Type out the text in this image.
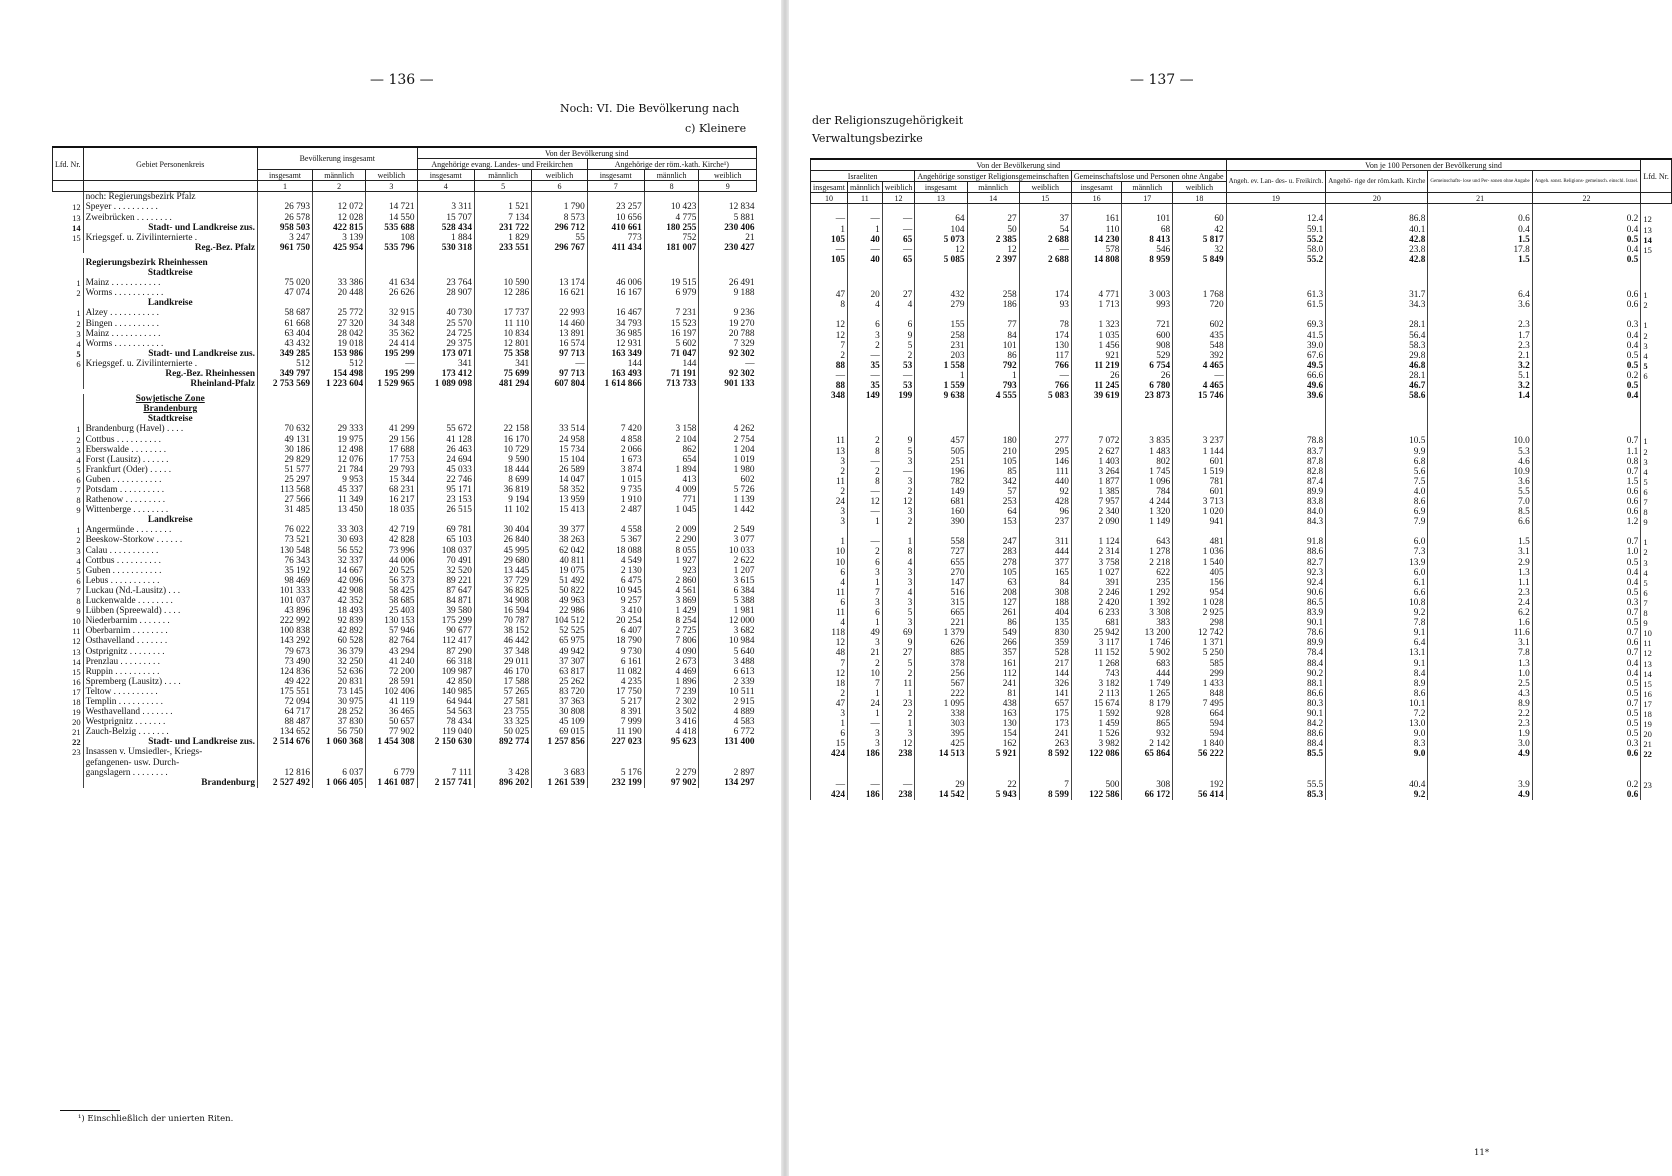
— 136 —
Noch: VI. Die Bevölkerung nach
c) Kleinere
Lfd. Nr.	Gebiet Personenkreis	Bevölkerung insgesamt			Von der Bevölkerung sind					
					Angehörige evang. Landes- und Freikirchen			Angehörige der röm.-kath. Kirche¹)		
		insgesamt	männlich	weiblich	insgesamt	männlich	weiblich	insgesamt	männlich	weiblich
		1	2	3	4	5	6	7	8	9
	noch: Regierungsbezirk Pfalz									
12	Speyer . . . . . . . . . .	26 793	12 072	14 721	3 311	1 521	1 790	23 257	10 423	12 834
13	Zweibrücken . . . . . . . .	26 578	12 028	14 550	15 707	7 134	8 573	10 656	4 775	5 881
14	Stadt- und Landkreise zus.	958 503	422 815	535 688	528 434	231 722	296 712	410 661	180 255	230 406
15	Kriegsgef. u. Zivilinternierte .	3 247	3 139	108	1 884	1 829	55	773	752	21
	Reg.-Bez. Pfalz	961 750	425 954	535 796	530 318	233 551	296 767	411 434	181 007	230 427

	Regierungsbezirk Rheinhessen									
	Stadtkreise									
1	Mainz . . . . . . . . . . .	75 020	33 386	41 634	23 764	10 590	13 174	46 006	19 515	26 491
2	Worms . . . . . . . . . . .	47 074	20 448	26 626	28 907	12 286	16 621	16 167	6 979	9 188
	Landkreise									
1	Alzey . . . . . . . . . . .	58 687	25 772	32 915	40 730	17 737	22 993	16 467	7 231	9 236
2	Bingen . . . . . . . . . .	61 668	27 320	34 348	25 570	11 110	14 460	34 793	15 523	19 270
3	Mainz . . . . . . . . . . .	63 404	28 042	35 362	24 725	10 834	13 891	36 985	16 197	20 788
4	Worms . . . . . . . . . . .	43 432	19 018	24 414	29 375	12 801	16 574	12 931	5 602	7 329
5	Stadt- und Landkreise zus.	349 285	153 986	195 299	173 071	75 358	97 713	163 349	71 047	92 302
6	Kriegsgef. u. Zivilinternierte .	512	512	—	341	341	—	144	144	—
	Reg.-Bez. Rheinhessen	349 797	154 498	195 299	173 412	75 699	97 713	163 493	71 191	92 302
	Rheinland-Pfalz	2 753 569	1 223 604	1 529 965	1 089 098	481 294	607 804	1 614 866	713 733	901 133

	Sowjetische Zone									
	Brandenburg									
	Stadtkreise									
1	Brandenburg (Havel) . . . .	70 632	29 333	41 299	55 672	22 158	33 514	7 420	3 158	4 262
2	Cottbus . . . . . . . . . .	49 131	19 975	29 156	41 128	16 170	24 958	4 858	2 104	2 754
3	Eberswalde . . . . . . . .	30 186	12 498	17 688	26 463	10 729	15 734	2 066	862	1 204
4	Forst (Lausitz) . . . . . .	29 829	12 076	17 753	24 694	9 590	15 104	1 673	654	1 019
5	Frankfurt (Oder) . . . . .	51 577	21 784	29 793	45 033	18 444	26 589	3 874	1 894	1 980
6	Guben . . . . . . . . . . .	25 297	9 953	15 344	22 746	8 699	14 047	1 015	413	602
7	Potsdam . . . . . . . . . .	113 568	45 337	68 231	95 171	36 819	58 352	9 735	4 009	5 726
8	Rathenow . . . . . . . . .	27 566	11 349	16 217	23 153	9 194	13 959	1 910	771	1 139
9	Wittenberge . . . . . . . .	31 485	13 450	18 035	26 515	11 102	15 413	2 487	1 045	1 442
	Landkreise									
1	Angermünde . . . . . . . .	76 022	33 303	42 719	69 781	30 404	39 377	4 558	2 009	2 549
2	Beeskow-Storkow . . . . . .	73 521	30 693	42 828	65 103	26 840	38 263	5 367	2 290	3 077
3	Calau . . . . . . . . . . .	130 548	56 552	73 996	108 037	45 995	62 042	18 088	8 055	10 033
4	Cottbus . . . . . . . . . .	76 343	32 337	44 006	70 491	29 680	40 811	4 549	1 927	2 622
5	Guben . . . . . . . . . . .	35 192	14 667	20 525	32 520	13 445	19 075	2 130	923	1 207
6	Lebus . . . . . . . . . . .	98 469	42 096	56 373	89 221	37 729	51 492	6 475	2 860	3 615
7	Luckau (Nd.-Lausitz) . . .	101 333	42 908	58 425	87 647	36 825	50 822	10 945	4 561	6 384
8	Luckenwalde . . . . . . . .	101 037	42 352	58 685	84 871	34 908	49 963	9 257	3 869	5 388
9	Lübben (Spreewald) . . . .	43 896	18 493	25 403	39 580	16 594	22 986	3 410	1 429	1 981
10	Niederbarnim . . . . . . .	222 992	92 839	130 153	175 299	70 787	104 512	20 254	8 254	12 000
11	Oberbarnim . . . . . . . .	100 838	42 892	57 946	90 677	38 152	52 525	6 407	2 725	3 682
12	Osthavelland . . . . . . .	143 292	60 528	82 764	112 417	46 442	65 975	18 790	7 806	10 984
13	Ostprignitz . . . . . . . .	79 673	36 379	43 294	87 290	37 348	49 942	9 730	4 090	5 640
14	Prenzlau . . . . . . . . .	73 490	32 250	41 240	66 318	29 011	37 307	6 161	2 673	3 488
15	Ruppin . . . . . . . . . .	124 836	52 636	72 200	109 987	46 170	63 817	11 082	4 469	6 613
16	Spremberg (Lausitz) . . . .	49 422	20 831	28 591	42 850	17 588	25 262	4 235	1 896	2 339
17	Teltow . . . . . . . . . .	175 551	73 145	102 406	140 985	57 265	83 720	17 750	7 239	10 511
18	Templin . . . . . . . . . .	72 094	30 975	41 119	64 944	27 581	37 363	5 217	2 302	2 915
19	Westhavelland . . . . . . .	64 717	28 252	36 465	54 563	23 755	30 808	8 391	3 502	4 889
20	Westprignitz . . . . . . .	88 487	37 830	50 657	78 434	33 325	45 109	7 999	3 416	4 583
21	Zauch-Belzig . . . . . . .	134 652	56 750	77 902	119 040	50 025	69 015	11 190	4 418	6 772
22	Stadt- und Landkreise zus.	2 514 676	1 060 368	1 454 308	2 150 630	892 774	1 257 856	227 023	95 623	131 400
23	Insassen v. Umsiedler-, Kriegs-									
	gefangenen- usw. Durch-									
	gangslagern . . . . . . . .	12 816	6 037	6 779	7 111	3 428	3 683	5 176	2 279	2 897
	Brandenburg	2 527 492	1 066 405	1 461 087	2 157 741	896 202	1 261 539	232 199	97 902	134 297
¹) Einschließlich der unierten Riten.
— 137 —
der Religionszugehörigkeit
Verwaltungsbezirke
Von der Bevölkerung sind									Von je 100 Personen der Bevölkerung sind				Lfd. Nr.
Israeliten			Angehörige sonstiger Religionsgemeinschaften			Gemeinschaftslose und Personen ohne Angabe			Angeh. ev. Lan- des- u. Freikirch.	Angehö- rige der röm.kath. Kirche	Gemeinschafts- lose und Per- sonen ohne Angabe	Angeh. sonst. Religions- gemeinsch. einschl. Israel.	
insgesamt	männlich	weiblich	insgesamt	männlich	weiblich	insgesamt	männlich	weiblich					
10	11	12	13	14	15	16	17	18	19	20	21	22	

—	—	—	64	27	37	161	101	60	12.4	86.8	0.6	0.2	12
1	1	—	104	50	54	110	68	42	59.1	40.1	0.4	0.4	13
105	40	65	5 073	2 385	2 688	14 230	8 413	5 817	55.2	42.8	1.5	0.5	14
—	—	—	12	12	—	578	546	32	58.0	23.8	17.8	0.4	15
105	40	65	5 085	2 397	2 688	14 808	8 959	5 849	55.2	42.8	1.5	0.5	

47	20	27	432	258	174	4 771	3 003	1 768	61.3	31.7	6.4	0.6	1
8	4	4	279	186	93	1 713	993	720	61.5	34.3	3.6	0.6	2

12	6	6	155	77	78	1 323	721	602	69.3	28.1	2.3	0.3	1
12	3	9	258	84	174	1 035	600	435	41.5	56.4	1.7	0.4	2
7	2	5	231	101	130	1 456	908	548	39.0	58.3	2.3	0.4	3
2	—	2	203	86	117	921	529	392	67.6	29.8	2.1	0.5	4
88	35	53	1 558	792	766	11 219	6 754	4 465	49.5	46.8	3.2	0.5	5
—	—	—	1	1	—	26	26	—	66.6	28.1	5.1	0.2	6
88	35	53	1 559	793	766	11 245	6 780	4 465	49.6	46.7	3.2	0.5	
348	149	199	9 638	4 555	5 083	39 619	23 873	15 746	39.6	58.6	1.4	0.4	

11	2	9	457	180	277	7 072	3 835	3 237	78.8	10.5	10.0	0.7	1
13	8	5	505	210	295	2 627	1 483	1 144	83.7	9.9	5.3	1.1	2
3	—	3	251	105	146	1 403	802	601	87.8	6.8	4.6	0.8	3
2	2	—	196	85	111	3 264	1 745	1 519	82.8	5.6	10.9	0.7	4
11	8	3	782	342	440	1 877	1 096	781	87.4	7.5	3.6	1.5	5
2	—	2	149	57	92	1 385	784	601	89.9	4.0	5.5	0.6	6
24	12	12	681	253	428	7 957	4 244	3 713	83.8	8.6	7.0	0.6	7
3	—	3	160	64	96	2 340	1 320	1 020	84.0	6.9	8.5	0.6	8
3	1	2	390	153	237	2 090	1 149	941	84.3	7.9	6.6	1.2	9

1	—	1	558	247	311	1 124	643	481	91.8	6.0	1.5	0.7	1
10	2	8	727	283	444	2 314	1 278	1 036	88.6	7.3	3.1	1.0	2
10	6	4	655	278	377	3 758	2 218	1 540	82.7	13.9	2.9	0.5	3
6	3	3	270	105	165	1 027	622	405	92.3	6.0	1.3	0.4	4
4	1	3	147	63	84	391	235	156	92.4	6.1	1.1	0.4	5
11	7	4	516	208	308	2 246	1 292	954	90.6	6.6	2.3	0.5	6
6	3	3	315	127	188	2 420	1 392	1 028	86.5	10.8	2.4	0.3	7
11	6	5	665	261	404	6 233	3 308	2 925	83.9	9.2	6.2	0.7	8
4	1	3	221	86	135	681	383	298	90.1	7.8	1.6	0.5	9
118	49	69	1 379	549	830	25 942	13 200	12 742	78.6	9.1	11.6	0.7	10
12	3	9	626	266	359	3 117	1 746	1 371	89.9	6.4	3.1	0.6	11
48	21	27	885	357	528	11 152	5 902	5 250	78.4	13.1	7.8	0.7	12
7	2	5	378	161	217	1 268	683	585	88.4	9.1	1.3	0.4	13
12	10	2	256	112	144	743	444	299	90.2	8.4	1.0	0.4	14
18	7	11	567	241	326	3 182	1 749	1 433	88.1	8.9	2.5	0.5	15
2	1	1	222	81	141	2 113	1 265	848	86.6	8.6	4.3	0.5	16
47	24	23	1 095	438	657	15 674	8 179	7 495	80.3	10.1	8.9	0.7	17
3	1	2	338	163	175	1 592	928	664	90.1	7.2	2.2	0.5	18
1	—	1	303	130	173	1 459	865	594	84.2	13.0	2.3	0.5	19
6	3	3	395	154	241	1 526	932	594	88.6	9.0	1.9	0.5	20
15	3	12	425	162	263	3 982	2 142	1 840	88.4	8.3	3.0	0.3	21
424	186	238	14 513	5 921	8 592	122 086	65 864	56 222	85.5	9.0	4.9	0.6	22

—	—	—	29	22	7	500	308	192	55.5	40.4	3.9	0.2	23
424	186	238	14 542	5 943	8 599	122 586	66 172	56 414	85.3	9.2	4.9	0.6	
11*
